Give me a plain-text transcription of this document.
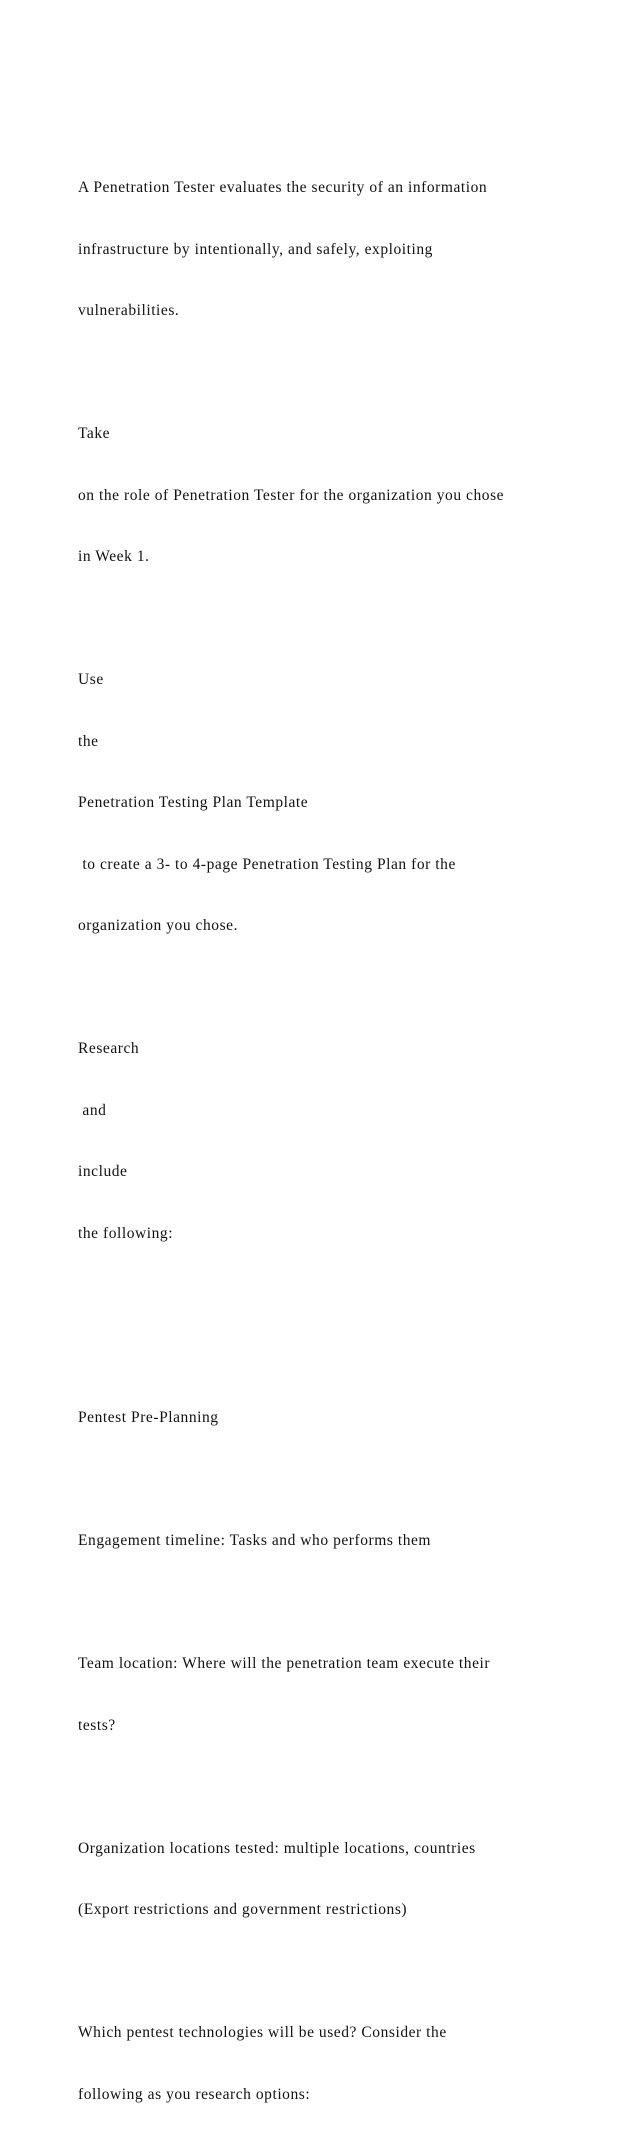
A Penetration Tester evaluates the security of an information

infrastructure by intentionally, and safely, exploiting

vulnerabilities.

Take

on the role of Penetration Tester for the organization you chose

in Week 1.

Use

the

Penetration Testing Plan Template

to create a 3- to 4-page Penetration Testing Plan for the

organization you chose.

Research

and

include

the following:

Pentest Pre-Planning

Engagement timeline: Tasks and who performs them

Team location: Where will the penetration team execute their

tests?

Organization locations tested: multiple locations, countries

(Export restrictions and government restrictions)

Which pentest technologies will be used? Consider the

following as you research options:
